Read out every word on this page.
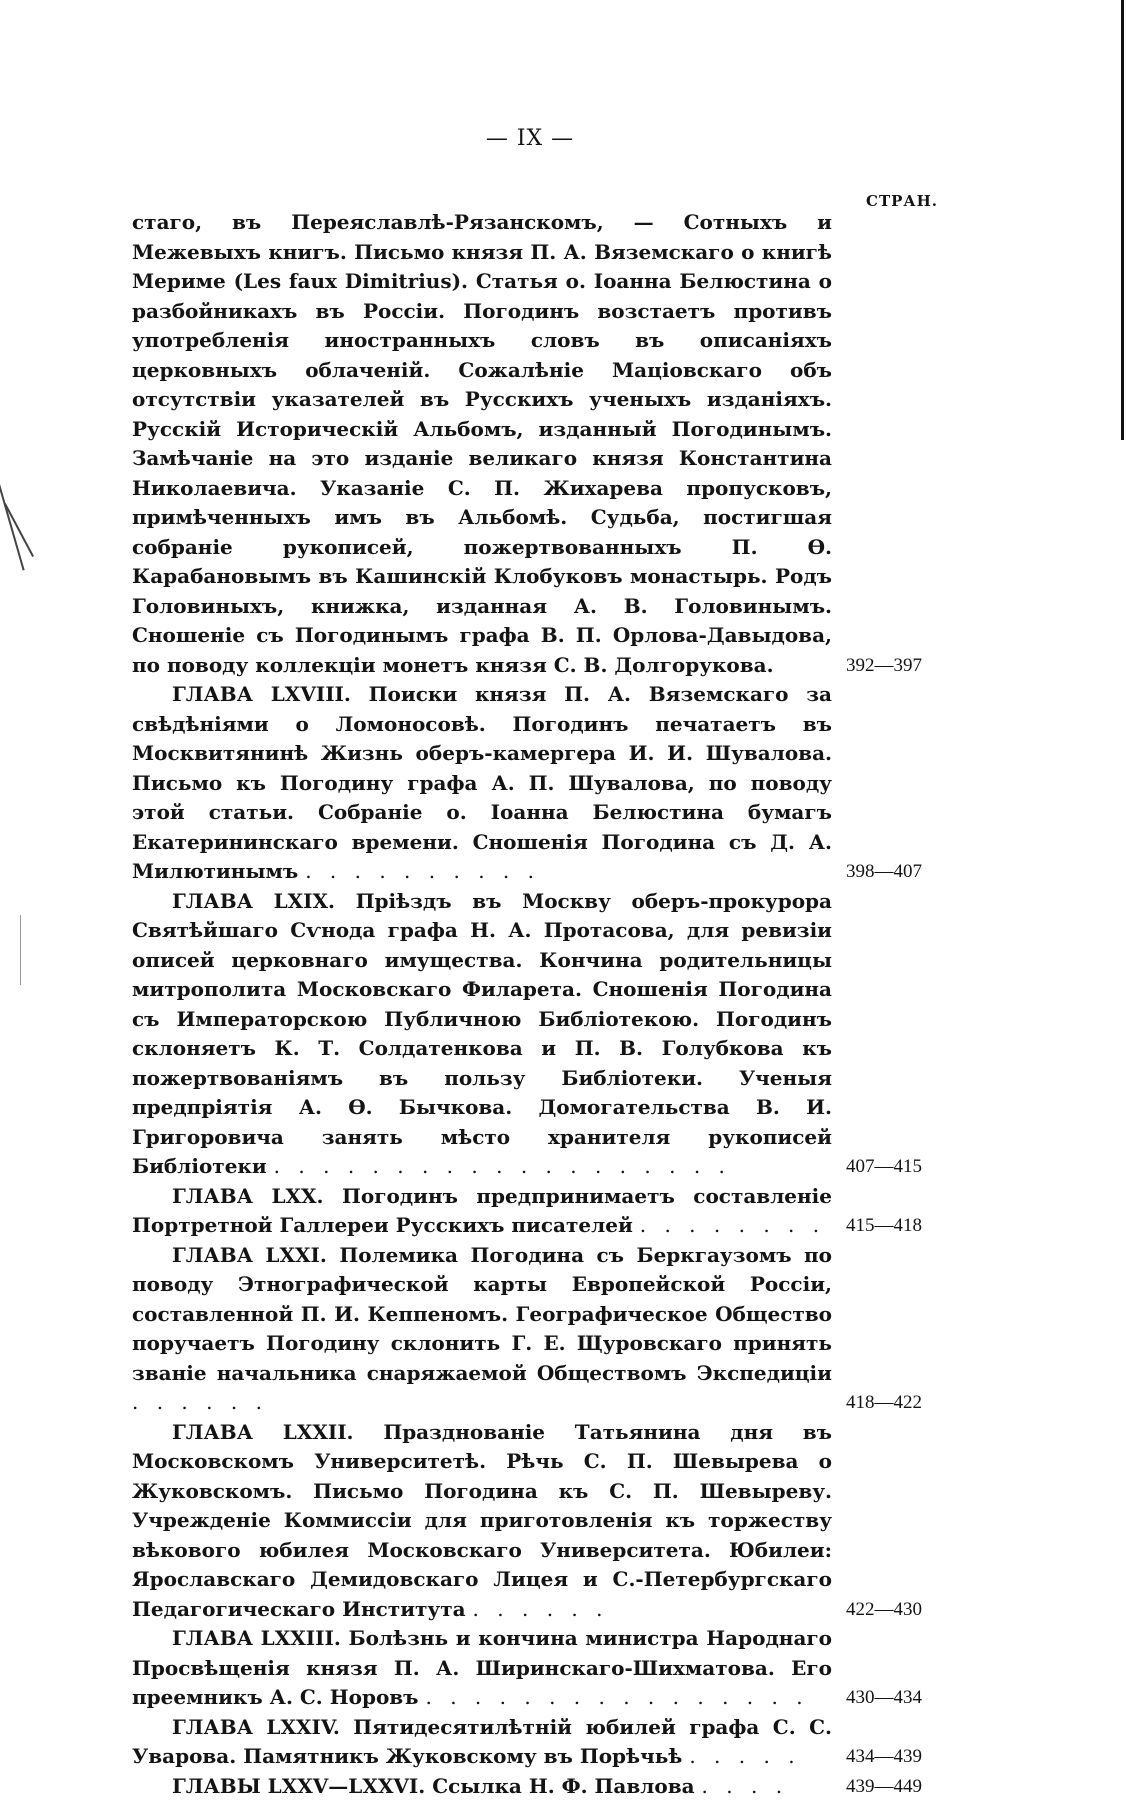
— IX —
СТРАН.
стаго, въ Переяславлѣ-Рязанскомъ, — Сотныхъ и Межевыхъ книгъ. Письмо князя П. А. Вяземскаго о книгѣ Мериме (Les faux Dimitrius). Статья о. Іоанна Белюстина о разбойникахъ въ Россіи. Погодинъ возстаетъ противъ употребленія иностранныхъ словъ въ описаніяхъ церковныхъ облаченій. Сожалѣніе Маціовскаго объ отсутствіи указателей въ Русскихъ ученыхъ изданіяхъ. Русскій Историческій Альбомъ, изданный Погодинымъ. Замѣчаніе на это изданіе великаго князя Константина Николаевича. Указаніе С. П. Жихарева пропусковъ, примѣченныхъ имъ въ Альбомѣ. Судьба, постигшая собраніе рукописей, пожертвованныхъ П. Ѳ. Карабановымъ въ Кашинскій Клобуковъ монастырь. Родъ Головиныхъ, книжка, изданная А. В. Головинымъ. Сношеніе съ Погодинымъ графа В. П. Орлова-Давыдова, по поводу коллекціи монетъ князя С. В. Долгорукова.	392—397
ГЛАВА LXVIII. Поиски князя П. А. Вяземскаго за свѣдѣніями о Ломоносовѣ. Погодинъ печатаетъ въ Москвитянинѣ Жизнь оберъ-камергера И. И. Шувалова. Письмо къ Погодину графа А. П. Шувалова, по поводу этой статьи. Собраніе о. Іоанна Белюстина бумагъ Екатерининскаго времени. Сношенія Погодина съ Д. А. Милютинымъ . . . . . . . . . .	398—407
ГЛАВА LXIX. Пріѣздъ въ Москву оберъ-прокурора Святѣйшаго Сѵнода графа Н. А. Протасова, для ревизіи описей церковнаго имущества. Кончина родительницы митрополита Московскаго Филарета. Сношенія Погодина съ Императорскою Публичною Библіотекою. Погодинъ склоняетъ К. Т. Солдатенкова и П. В. Голубкова къ пожертвованіямъ въ пользу Библіотеки. Ученыя предпріятія А. Ѳ. Бычкова. Домогательства В. И. Григоровича занять мѣсто хранителя рукописей Библіотеки . . . . . . . . . . . . . . . . . . .	407—415
ГЛАВА LXX. Погодинъ предпринимаетъ составленіе Портретной Галлереи Русскихъ писателей . . . . . . . .	415—418
ГЛАВА LXXI. Полемика Погодина съ Беркгаузомъ по поводу Этнографической карты Европейской Россіи, составленной П. И. Кеппеномъ. Географическое Общество поручаетъ Погодину склонить Г. Е. Щуровскаго принять званіе начальника снаряжаемой Обществомъ Экспедиціи . . . . . .	418—422
ГЛАВА LXXII. Празднованіе Татьянина дня въ Московскомъ Университетѣ. Рѣчь С. П. Шевырева о Жуковскомъ. Письмо Погодина къ С. П. Шевыреву. Учрежденіе Коммиссіи для приготовленія къ торжеству вѣкового юбилея Московскаго Университета. Юбилеи: Ярославскаго Демидовскаго Лицея и С.-Петербургскаго Педагогическаго Института . . . . . .	422—430
ГЛАВА LXXIII. Болѣзнь и кончина министра Народнаго Просвѣщенія князя П. А. Ширинскаго-Шихматова. Его преемникъ А. С. Норовъ . . . . . . . . . . . . . . . .	430—434
ГЛАВА LXXIV. Пятидесятилѣтній юбилей графа С. С. Уварова. Памятникъ Жуковскому въ Порѣчьѣ . . . . .	434—439
ГЛАВЫ LXXV—LXXVI. Ссылка Н. Ф. Павлова . . . .	439—449
